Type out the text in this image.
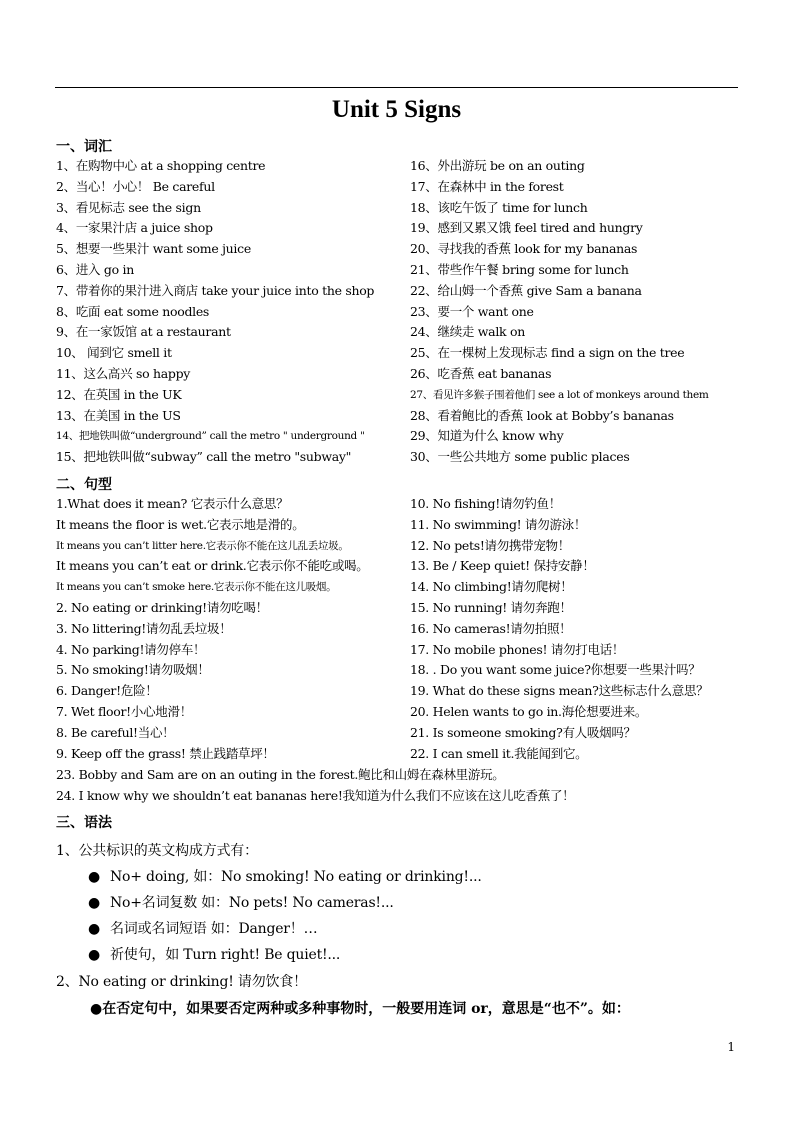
Unit 5 Signs
一、词汇
1、在购物中心 at a shopping centre
2、当心！小心！ Be careful
3、看见标志 see the sign
4、一家果汁店 a juice shop
5、想要一些果汁 want some juice
6、进入 go in
7、带着你的果汁进入商店 take your juice into the shop
8、吃面 eat some noodles
9、在一家饭馆 at a restaurant
10、 闻到它 smell it
11、这么高兴 so happy
12、在英国 in the UK
13、在美国 in the US
14、把地铁叫做“underground” call the metro " underground "
15、把地铁叫做“subway” call the metro "subway"
16、外出游玩 be on an outing
17、在森林中 in the forest
18、该吃午饭了 time for lunch
19、感到又累又饿 feel tired and hungry
20、寻找我的香蕉 look for my bananas
21、带些作午餐 bring some for lunch
22、给山姆一个香蕉 give Sam a banana
23、要一个 want one
24、继续走 walk on
25、在一棵树上发现标志 find a sign on the tree
26、吃香蕉 eat bananas
27、看见许多猴子围着他们 see a lot of monkeys around them
28、看着鲍比的香蕉 look at Bobby’s bananas
29、知道为什么 know why
30、一些公共地方 some public places
二、句型
1.What does it mean? 它表示什么意思？
It means the floor is wet.它表示地是滑的。
It means you can’t litter here.它表示你不能在这儿乱丢垃圾。
It means you can’t eat or drink.它表示你不能吃或喝。
It means you can’t smoke here.它表示你不能在这儿吸烟。
2. No eating or drinking!请勿吃喝！
3. No littering!请勿乱丢垃圾！
4. No parking!请勿停车！
5. No smoking!请勿吸烟！
6. Danger!危险！
7. Wet floor!小心地滑！
8. Be careful!当心！
9. Keep off the grass! 禁止践踏草坪！
10. No fishing!请勿钓鱼！
11. No swimming! 请勿游泳！
12. No pets!请勿携带宠物！
13. Be / Keep quiet! 保持安静！
14. No climbing!请勿爬树！
15. No running! 请勿奔跑！
16. No cameras!请勿拍照！
17. No mobile phones! 请勿打电话！
18. . Do you want some juice?你想要一些果汁吗？
19. What do these signs mean?这些标志什么意思？
20. Helen wants to go in.海伦想要进来。
21. Is someone smoking?有人吸烟吗？
22. I can smell it.我能闻到它。
23. Bobby and Sam are on an outing in the forest.鲍比和山姆在森林里游玩。
24. I know why we shouldn’t eat bananas here!我知道为什么我们不应该在这儿吃香蕉了！
三、语法
1、公共标识的英文构成方式有：
● No+ doing, 如：No smoking! No eating or drinking!...
● No+名词复数 如：No pets! No cameras!...
● 名词或名词短语 如：Danger！…
● 祈使句，如 Turn right! Be quiet!...
2、No eating or drinking! 请勿饮食！
●在否定句中，如果要否定两种或多种事物时，一般要用连词 or，意思是“也不”。如：
1
